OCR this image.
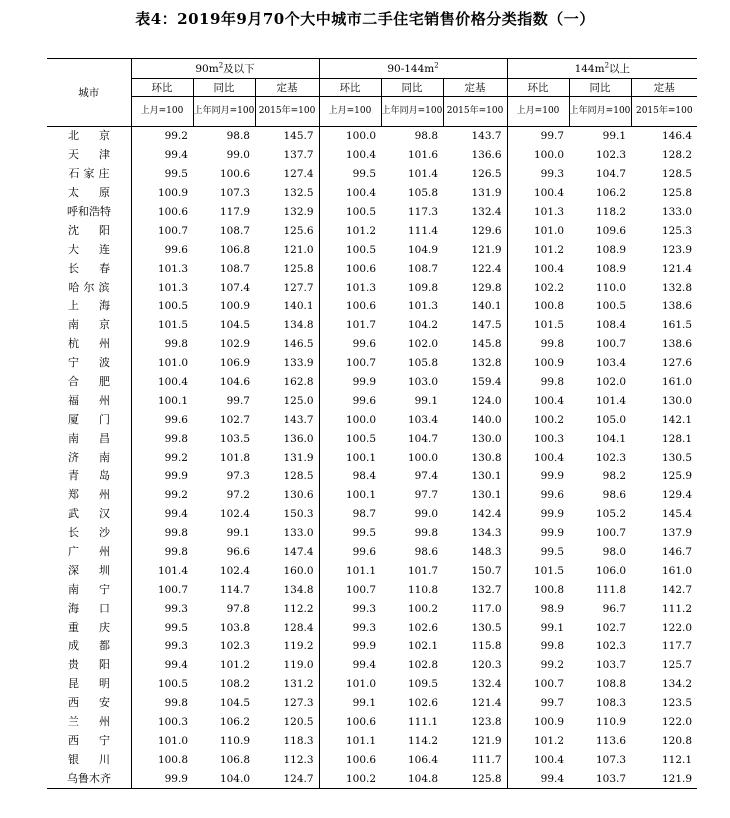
表4：2019年9月70个大中城市二手住宅销售价格分类指数（一）
城市	$90m^2$及以下			$90-144m^2$			$144m^2$以上		
	环比	同比	定基	环比	同比	定基	环比	同比	定基
	上月=100	上年同月=100	2015年=100	上月=100	上年同月=100	2015年=100	上月=100	上年同月=100	2015年=100
北京	99.2	98.8	145.7	100.0	98.8	143.7	99.7	99.1	146.4
天津	99.4	99.0	137.7	100.4	101.6	136.6	100.0	102.3	128.2
石家庄	99.5	100.6	127.4	99.5	101.4	126.5	99.3	104.7	128.5
太原	100.9	107.3	132.5	100.4	105.8	131.9	100.4	106.2	125.8
呼和浩特	100.6	117.9	132.9	100.5	117.3	132.4	101.3	118.2	133.0
沈阳	100.7	108.7	125.6	101.2	111.4	129.6	101.0	109.6	125.3
大连	99.6	106.8	121.0	100.5	104.9	121.9	101.2	108.9	123.9
长春	101.3	108.7	125.8	100.6	108.7	122.4	100.4	108.9	121.4
哈尔滨	101.3	107.4	127.7	101.3	109.8	129.8	102.2	110.0	132.8
上海	100.5	100.9	140.1	100.6	101.3	140.1	100.8	100.5	138.6
南京	101.5	104.5	134.8	101.7	104.2	147.5	101.5	108.4	161.5
杭州	99.8	102.9	146.5	99.6	102.0	145.8	99.8	100.7	138.6
宁波	101.0	106.9	133.9	100.7	105.8	132.8	100.9	103.4	127.6
合肥	100.4	104.6	162.8	99.9	103.0	159.4	99.8	102.0	161.0
福州	100.1	99.7	125.0	99.6	99.1	124.0	100.4	101.4	130.0
厦门	99.6	102.7	143.7	100.0	103.4	140.0	100.2	105.0	142.1
南昌	99.8	103.5	136.0	100.5	104.7	130.0	100.3	104.1	128.1
济南	99.2	101.8	131.9	100.1	100.0	130.8	100.4	102.3	130.5
青岛	99.9	97.3	128.5	98.4	97.4	130.1	99.9	98.2	125.9
郑州	99.2	97.2	130.6	100.1	97.7	130.1	99.6	98.6	129.4
武汉	99.4	102.4	150.3	98.7	99.0	142.4	99.9	105.2	145.4
长沙	99.8	99.1	133.0	99.5	99.8	134.3	99.9	100.7	137.9
广州	99.8	96.6	147.4	99.6	98.6	148.3	99.5	98.0	146.7
深圳	101.4	102.4	160.0	101.1	101.7	150.7	101.5	106.0	161.0
南宁	100.7	114.7	134.8	100.7	110.8	132.7	100.8	111.8	142.7
海口	99.3	97.8	112.2	99.3	100.2	117.0	98.9	96.7	111.2
重庆	99.5	103.8	128.4	99.3	102.6	130.5	99.1	102.7	122.0
成都	99.3	102.3	119.2	99.9	102.1	115.8	99.8	102.3	117.7
贵阳	99.4	101.2	119.0	99.4	102.8	120.3	99.2	103.7	125.7
昆明	100.5	108.2	131.2	101.0	109.5	132.4	100.7	108.8	134.2
西安	99.8	104.5	127.3	99.1	102.6	121.4	99.7	108.3	123.5
兰州	100.3	106.2	120.5	100.6	111.1	123.8	100.9	110.9	122.0
西宁	101.0	110.9	118.3	101.1	114.2	121.9	101.2	113.6	120.8
银川	100.8	106.8	112.3	100.6	106.4	111.7	100.4	107.3	112.1
乌鲁木齐	99.9	104.0	124.7	100.2	104.8	125.8	99.4	103.7	121.9
